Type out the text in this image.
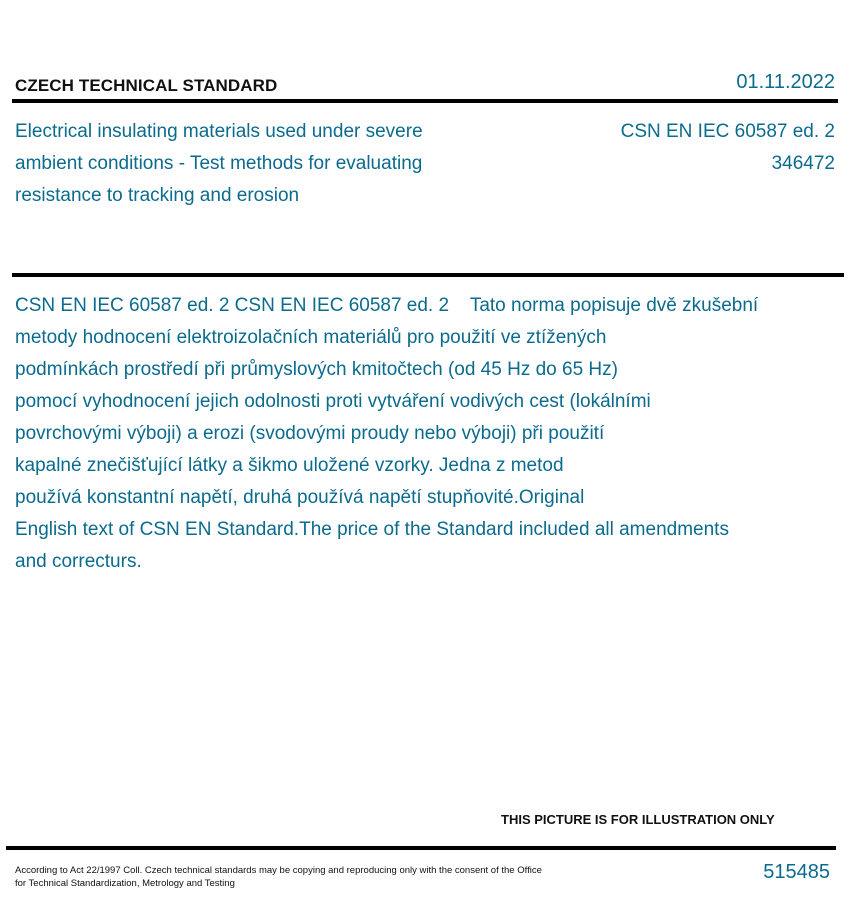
CZECH TECHNICAL STANDARD	01.11.2022
Electrical insulating materials used under severe
ambient conditions - Test methods for evaluating
resistance to tracking and erosion
CSN EN IEC 60587 ed. 2
346472
CSN EN IEC 60587 ed. 2 CSN EN IEC 60587 ed. 2    Tato norma popisuje dvě zkušební
metody hodnocení elektroizolačních materiálů pro použití ve ztížených
podmínkách prostředí při průmyslových kmitočtech (od 45 Hz do 65 Hz)
pomocí vyhodnocení jejich odolnosti proti vytváření vodivých cest (lokálními
povrchovými výboji) a erozi (svodovými proudy nebo výboji) při použití
kapalné znečišťující látky a šikmo uložené vzorky. Jedna z metod
používá konstantní napětí, druhá používá napětí stupňovité.Original
English text of CSN EN Standard.The price of the Standard included all amendments
and correcturs.
THIS PICTURE IS FOR ILLUSTRATION ONLY
According to Act 22/1997 Coll. Czech technical standards may be copying and reproducing only with the consent of the Office
for Technical Standardization, Metrology and Testing
515485
